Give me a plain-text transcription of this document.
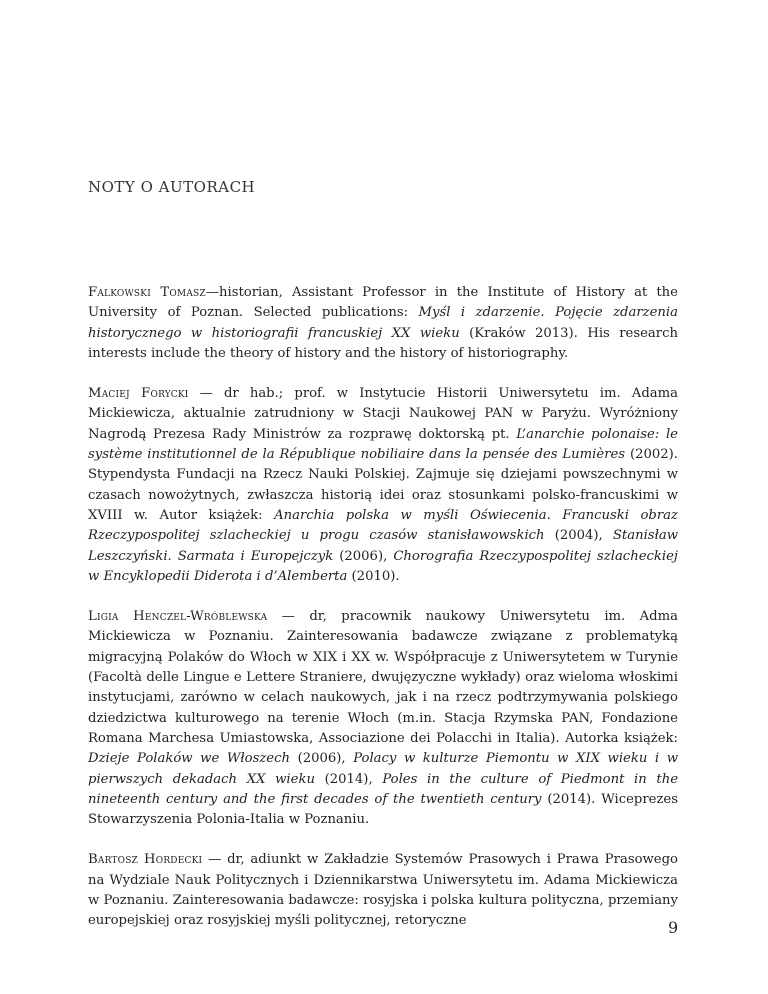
NOTY O AUTORACH

Falkowski Tomasz—historian, Assistant Professor in the Institute of History at the University of Poznan. Selected publications: Myśl i zdarzenie. Pojęcie zdarzenia historycznego w historiografii francuskiej XX wieku (Kraków 2013). His research interests include the theory of history and the history of historiography.

Maciej Forycki — dr hab.; prof. w Instytucie Historii Uniwersytetu im. Adama Mickiewicza, aktualnie zatrudniony w Stacji Naukowej PAN w Paryżu. Wyróżniony Nagrodą Prezesa Rady Ministrów za rozprawę doktorską pt. L’anarchie polonaise: le système institutionnel de la République nobiliaire dans la pensée des Lumières (2002). Stypendysta Fundacji na Rzecz Nauki Polskiej. Zajmuje się dziejami powszechnymi w czasach nowożytnych, zwłaszcza historią idei oraz stosunkami polsko-francuskimi w XVIII w. Autor książek: Anarchia polska w myśli Oświecenia. Francuski obraz Rzeczypospolitej szlacheckiej u progu czasów stanisławowskich (2004), Stanisław Leszczyński. Sarmata i Europejczyk (2006), Chorografia Rzeczypospolitej szlacheckiej w Encyklopedii Diderota i d’Alemberta (2010).

Ligia Henczel-Wróblewska — dr, pracownik naukowy Uniwersytetu im. Adma Mickiewicza w Poznaniu. Zainteresowania badawcze związane z problematyką migracyjną Polaków do Włoch w XIX i XX w. Współpracuje z Uniwersytetem w Turynie (Facoltà delle Lingue e Lettere Straniere, dwujęzyczne wykłady) oraz wieloma włoskimi instytucjami, zarówno w celach naukowych, jak i na rzecz podtrzymywania polskiego dziedzictwa kulturowego na terenie Włoch (m.in. Stacja Rzymska PAN, Fondazione Romana Marchesa Umiastowska, Associazione dei Polacchi in Italia). Autorka książek: Dzieje Polaków we Włoszech (2006), Polacy w kulturze Piemontu w XIX wieku i w pierwszych dekadach XX wieku (2014), Poles in the culture of Piedmont in the nineteenth century and the first decades of the twentieth century (2014). Wiceprezes Stowarzyszenia Polonia-Italia w Poznaniu.

Bartosz Hordecki — dr, adiunkt w Zakładzie Systemów Prasowych i Prawa Prasowego na Wydziale Nauk Politycznych i Dziennikarstwa Uniwersytetu im. Adama Mickiewicza w Poznaniu. Zainteresowania badawcze: rosyjska i polska kultura polityczna, przemiany europejskiej oraz rosyjskiej myśli politycznej, retoryczne	9
